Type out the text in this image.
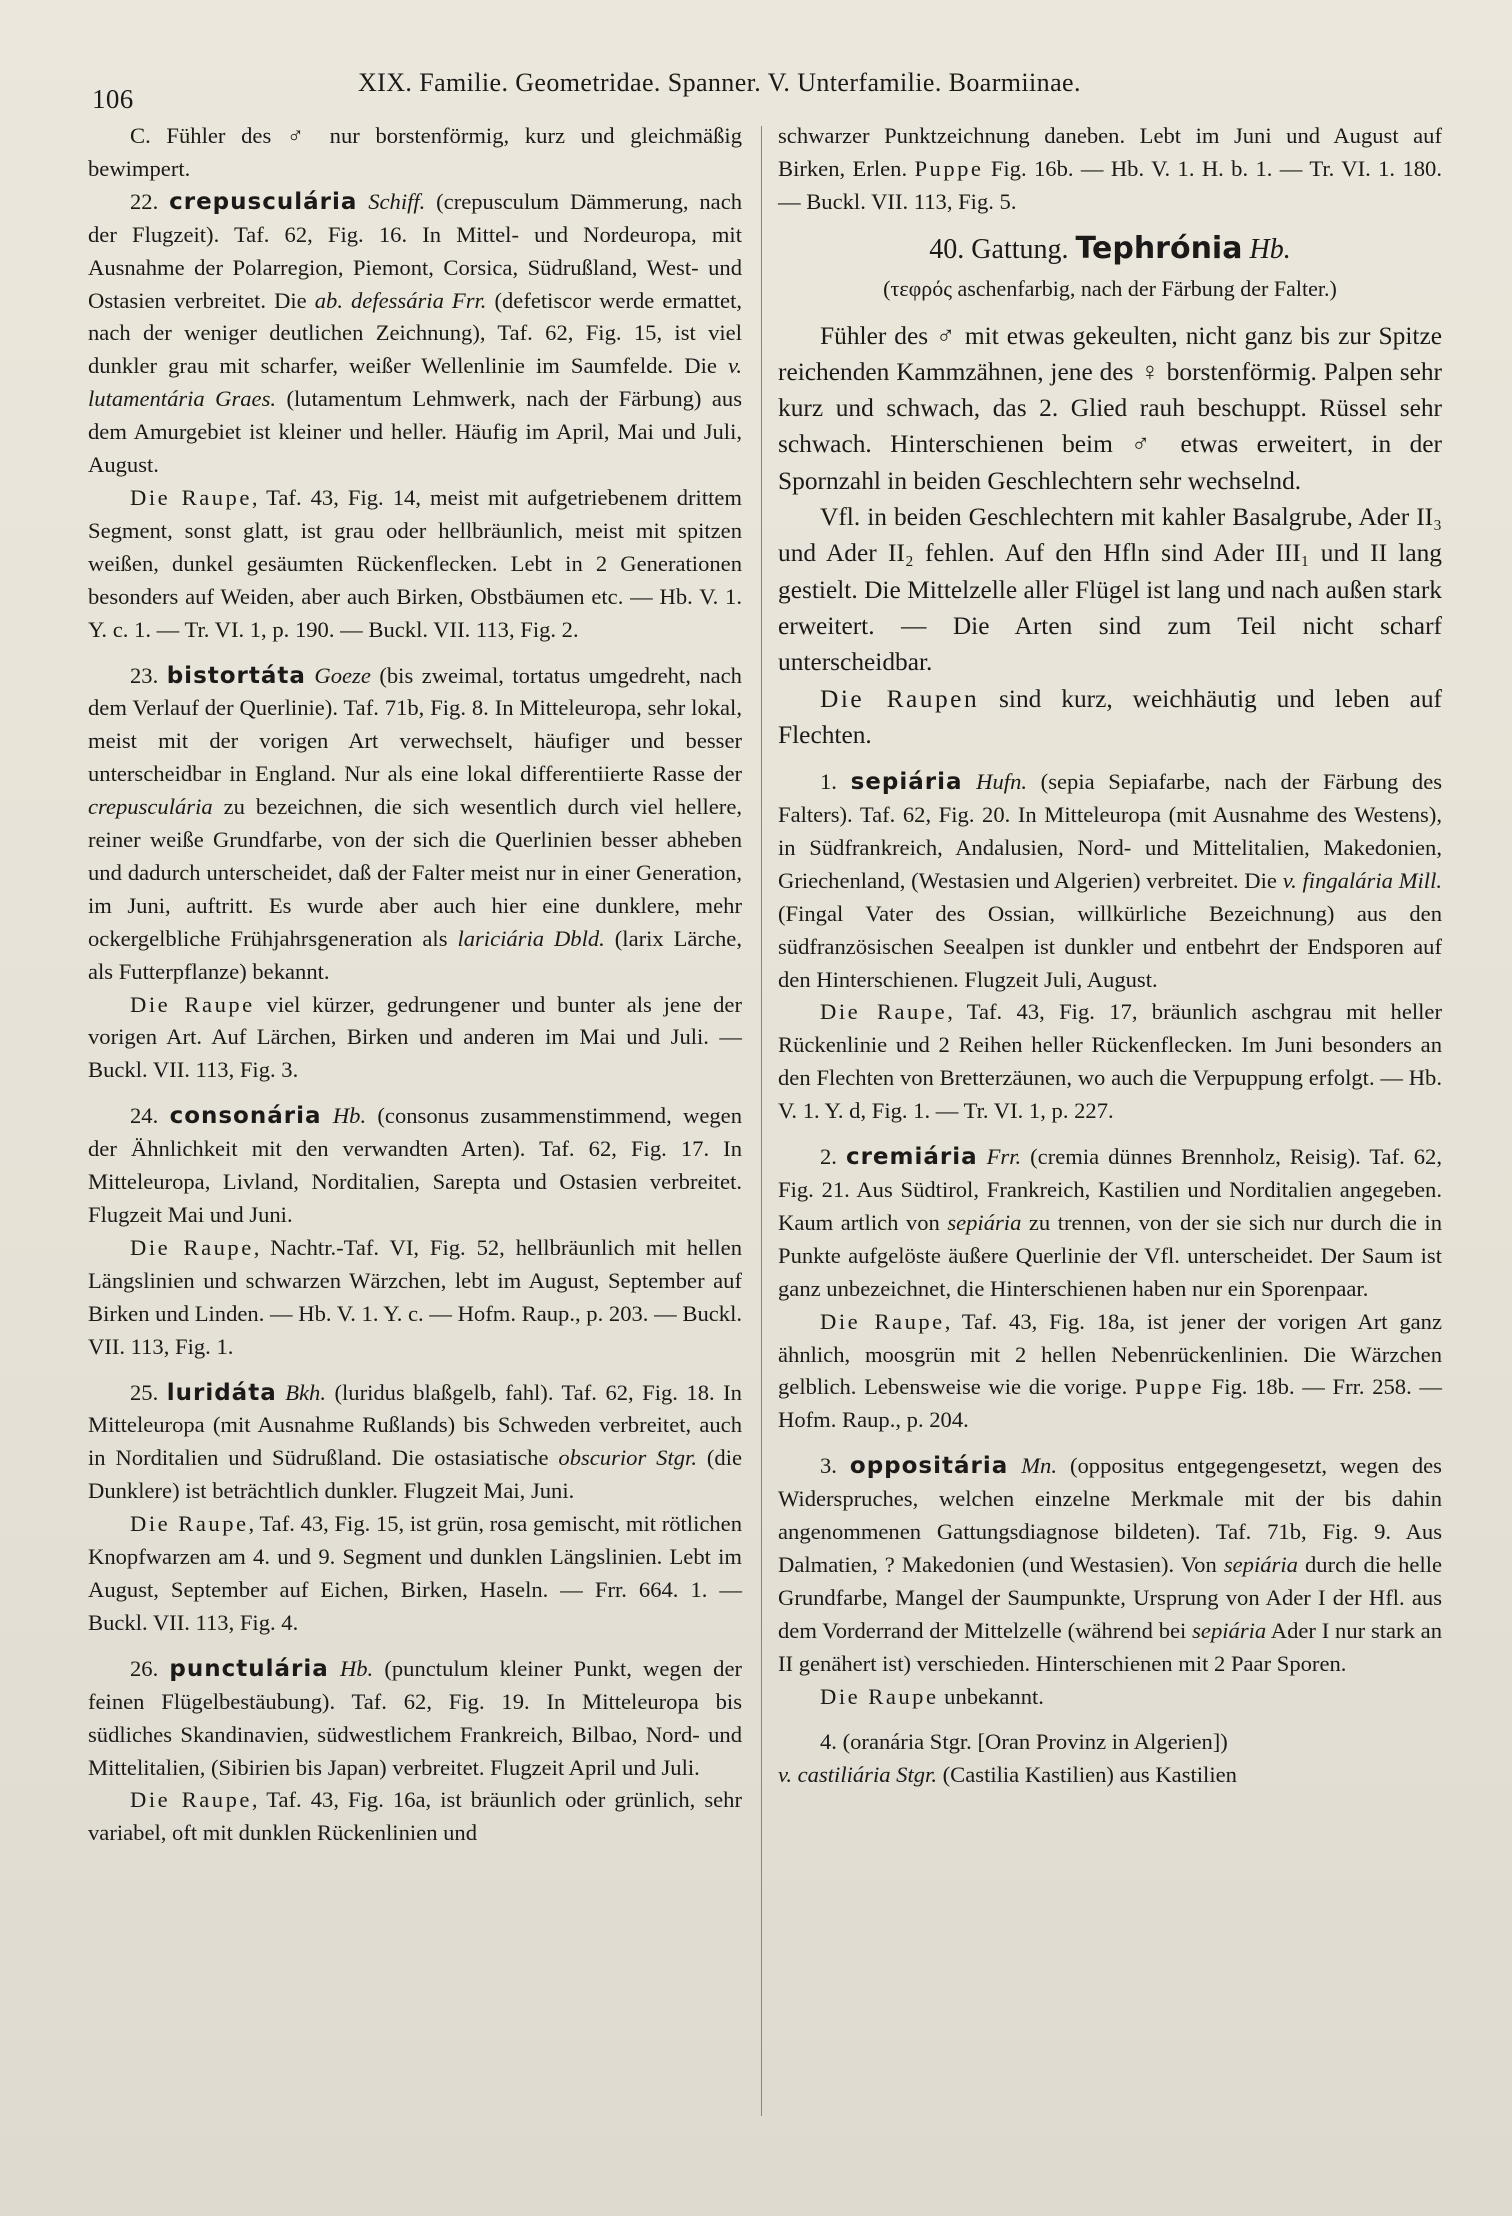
106
XIX. Familie. Geometridae. Spanner. V. Unterfamilie. Boarmiinae.

C. Fühler des ♂ nur borstenförmig, kurz und gleichmäßig bewimpert.

22. crepusculária Schiff. (crepusculum Dämmerung, nach der Flugzeit). Taf. 62, Fig. 16. In Mittel- und Nordeuropa, mit Ausnahme der Polarregion, Piemont, Corsica, Südrußland, West- und Ostasien verbreitet. Die ab. defessária Frr. (defetiscor werde ermattet, nach der weniger deutlichen Zeichnung), Taf. 62, Fig. 15, ist viel dunkler grau mit scharfer, weißer Wellenlinie im Saumfelde. Die v. lutamentária Graes. (lutamentum Lehmwerk, nach der Färbung) aus dem Amurgebiet ist kleiner und heller. Häufig im April, Mai und Juli, August.

Die Raupe, Taf. 43, Fig. 14, meist mit aufgetriebenem drittem Segment, sonst glatt, ist grau oder hellbräunlich, meist mit spitzen weißen, dunkel gesäumten Rückenflecken. Lebt in 2 Generationen besonders auf Weiden, aber auch Birken, Obstbäumen etc. — Hb. V. 1. Y. c. 1. — Tr. VI. 1, p. 190. — Buckl. VII. 113, Fig. 2.

23. bistortáta Goeze (bis zweimal, tortatus umgedreht, nach dem Verlauf der Querlinie). Taf. 71b, Fig. 8. In Mitteleuropa, sehr lokal, meist mit der vorigen Art verwechselt, häufiger und besser unterscheidbar in England. Nur als eine lokal differentiierte Rasse der crepusculária zu bezeichnen, die sich wesentlich durch viel hellere, reiner weiße Grundfarbe, von der sich die Querlinien besser abheben und dadurch unterscheidet, daß der Falter meist nur in einer Generation, im Juni, auftritt. Es wurde aber auch hier eine dunklere, mehr ockergelbliche Frühjahrsgeneration als lariciária Dbld. (larix Lärche, als Futterpflanze) bekannt.

Die Raupe viel kürzer, gedrungener und bunter als jene der vorigen Art. Auf Lärchen, Birken und anderen im Mai und Juli. — Buckl. VII. 113, Fig. 3.

24. consonária Hb. (consonus zusammenstimmend, wegen der Ähnlichkeit mit den verwandten Arten). Taf. 62, Fig. 17. In Mitteleuropa, Livland, Norditalien, Sarepta und Ostasien verbreitet. Flugzeit Mai und Juni.

Die Raupe, Nachtr.-Taf. VI, Fig. 52, hellbräunlich mit hellen Längslinien und schwarzen Wärzchen, lebt im August, September auf Birken und Linden. — Hb. V. 1. Y. c. — Hofm. Raup., p. 203. — Buckl. VII. 113, Fig. 1.

25. luridáta Bkh. (luridus blaßgelb, fahl). Taf. 62, Fig. 18. In Mitteleuropa (mit Ausnahme Rußlands) bis Schweden verbreitet, auch in Norditalien und Südrußland. Die ostasiatische obscurior Stgr. (die Dunklere) ist beträchtlich dunkler. Flugzeit Mai, Juni.

Die Raupe, Taf. 43, Fig. 15, ist grün, rosa gemischt, mit rötlichen Knopfwarzen am 4. und 9. Segment und dunklen Längslinien. Lebt im August, September auf Eichen, Birken, Haseln. — Frr. 664. 1. — Buckl. VII. 113, Fig. 4.

26. punctulária Hb. (punctulum kleiner Punkt, wegen der feinen Flügelbestäubung). Taf. 62, Fig. 19. In Mitteleuropa bis südliches Skandinavien, südwestlichem Frankreich, Bilbao, Nord- und Mittelitalien, (Sibirien bis Japan) verbreitet. Flugzeit April und Juli.

Die Raupe, Taf. 43, Fig. 16a, ist bräunlich oder grünlich, sehr variabel, oft mit dunklen Rückenlinien und

schwarzer Punktzeichnung daneben. Lebt im Juni und August auf Birken, Erlen. Puppe Fig. 16b. — Hb. V. 1. H. b. 1. — Tr. VI. 1. 180. — Buckl. VII. 113, Fig. 5.

40. Gattung. Tephrónia Hb.

(τεφρός aschenfarbig, nach der Färbung der Falter.)

Fühler des ♂ mit etwas gekeulten, nicht ganz bis zur Spitze reichenden Kammzähnen, jene des ♀ borstenförmig. Palpen sehr kurz und schwach, das 2. Glied rauh beschuppt. Rüssel sehr schwach. Hinterschienen beim ♂ etwas erweitert, in der Spornzahl in beiden Geschlechtern sehr wechselnd.

Vfl. in beiden Geschlechtern mit kahler Basalgrube, Ader II₃ und Ader II₂ fehlen. Auf den Hfln sind Ader III₁ und II lang gestielt. Die Mittelzelle aller Flügel ist lang und nach außen stark erweitert. — Die Arten sind zum Teil nicht scharf unterscheidbar.

Die Raupen sind kurz, weichhäutig und leben auf Flechten.

1. sepiária Hufn. (sepia Sepiafarbe, nach der Färbung des Falters). Taf. 62, Fig. 20. In Mitteleuropa (mit Ausnahme des Westens), in Südfrankreich, Andalusien, Nord- und Mittelitalien, Makedonien, Griechenland, (Westasien und Algerien) verbreitet. Die v. fingalária Mill. (Fingal Vater des Ossian, willkürliche Bezeichnung) aus den südfranzösischen Seealpen ist dunkler und entbehrt der Endsporen auf den Hinterschienen. Flugzeit Juli, August.

Die Raupe, Taf. 43, Fig. 17, bräunlich aschgrau mit heller Rückenlinie und 2 Reihen heller Rückenflecken. Im Juni besonders an den Flechten von Bretterzäunen, wo auch die Verpuppung erfolgt. — Hb. V. 1. Y. d, Fig. 1. — Tr. VI. 1, p. 227.

2. cremiária Frr. (cremia dünnes Brennholz, Reisig). Taf. 62, Fig. 21. Aus Südtirol, Frankreich, Kastilien und Norditalien angegeben. Kaum artlich von sepiária zu trennen, von der sie sich nur durch die in Punkte aufgelöste äußere Querlinie der Vfl. unterscheidet. Der Saum ist ganz unbezeichnet, die Hinterschienen haben nur ein Sporenpaar.

Die Raupe, Taf. 43, Fig. 18a, ist jener der vorigen Art ganz ähnlich, moosgrün mit 2 hellen Nebenrückenlinien. Die Wärzchen gelblich. Lebensweise wie die vorige. Puppe Fig. 18b. — Frr. 258. — Hofm. Raup., p. 204.

3. oppositária Mn. (oppositus entgegengesetzt, wegen des Widerspruches, welchen einzelne Merkmale mit der bis dahin angenommenen Gattungsdiagnose bildeten). Taf. 71b, Fig. 9. Aus Dalmatien, ? Makedonien (und Westasien). Von sepiária durch die helle Grundfarbe, Mangel der Saumpunkte, Ursprung von Ader I der Hfl. aus dem Vorderrand der Mittelzelle (während bei sepiária Ader I nur stark an II genähert ist) verschieden. Hinterschienen mit 2 Paar Sporen.

Die Raupe unbekannt.

4. (oranária Stgr. [Oran Provinz in Algerien])

v. castiliária Stgr. (Castilia Kastilien) aus Kastilien
